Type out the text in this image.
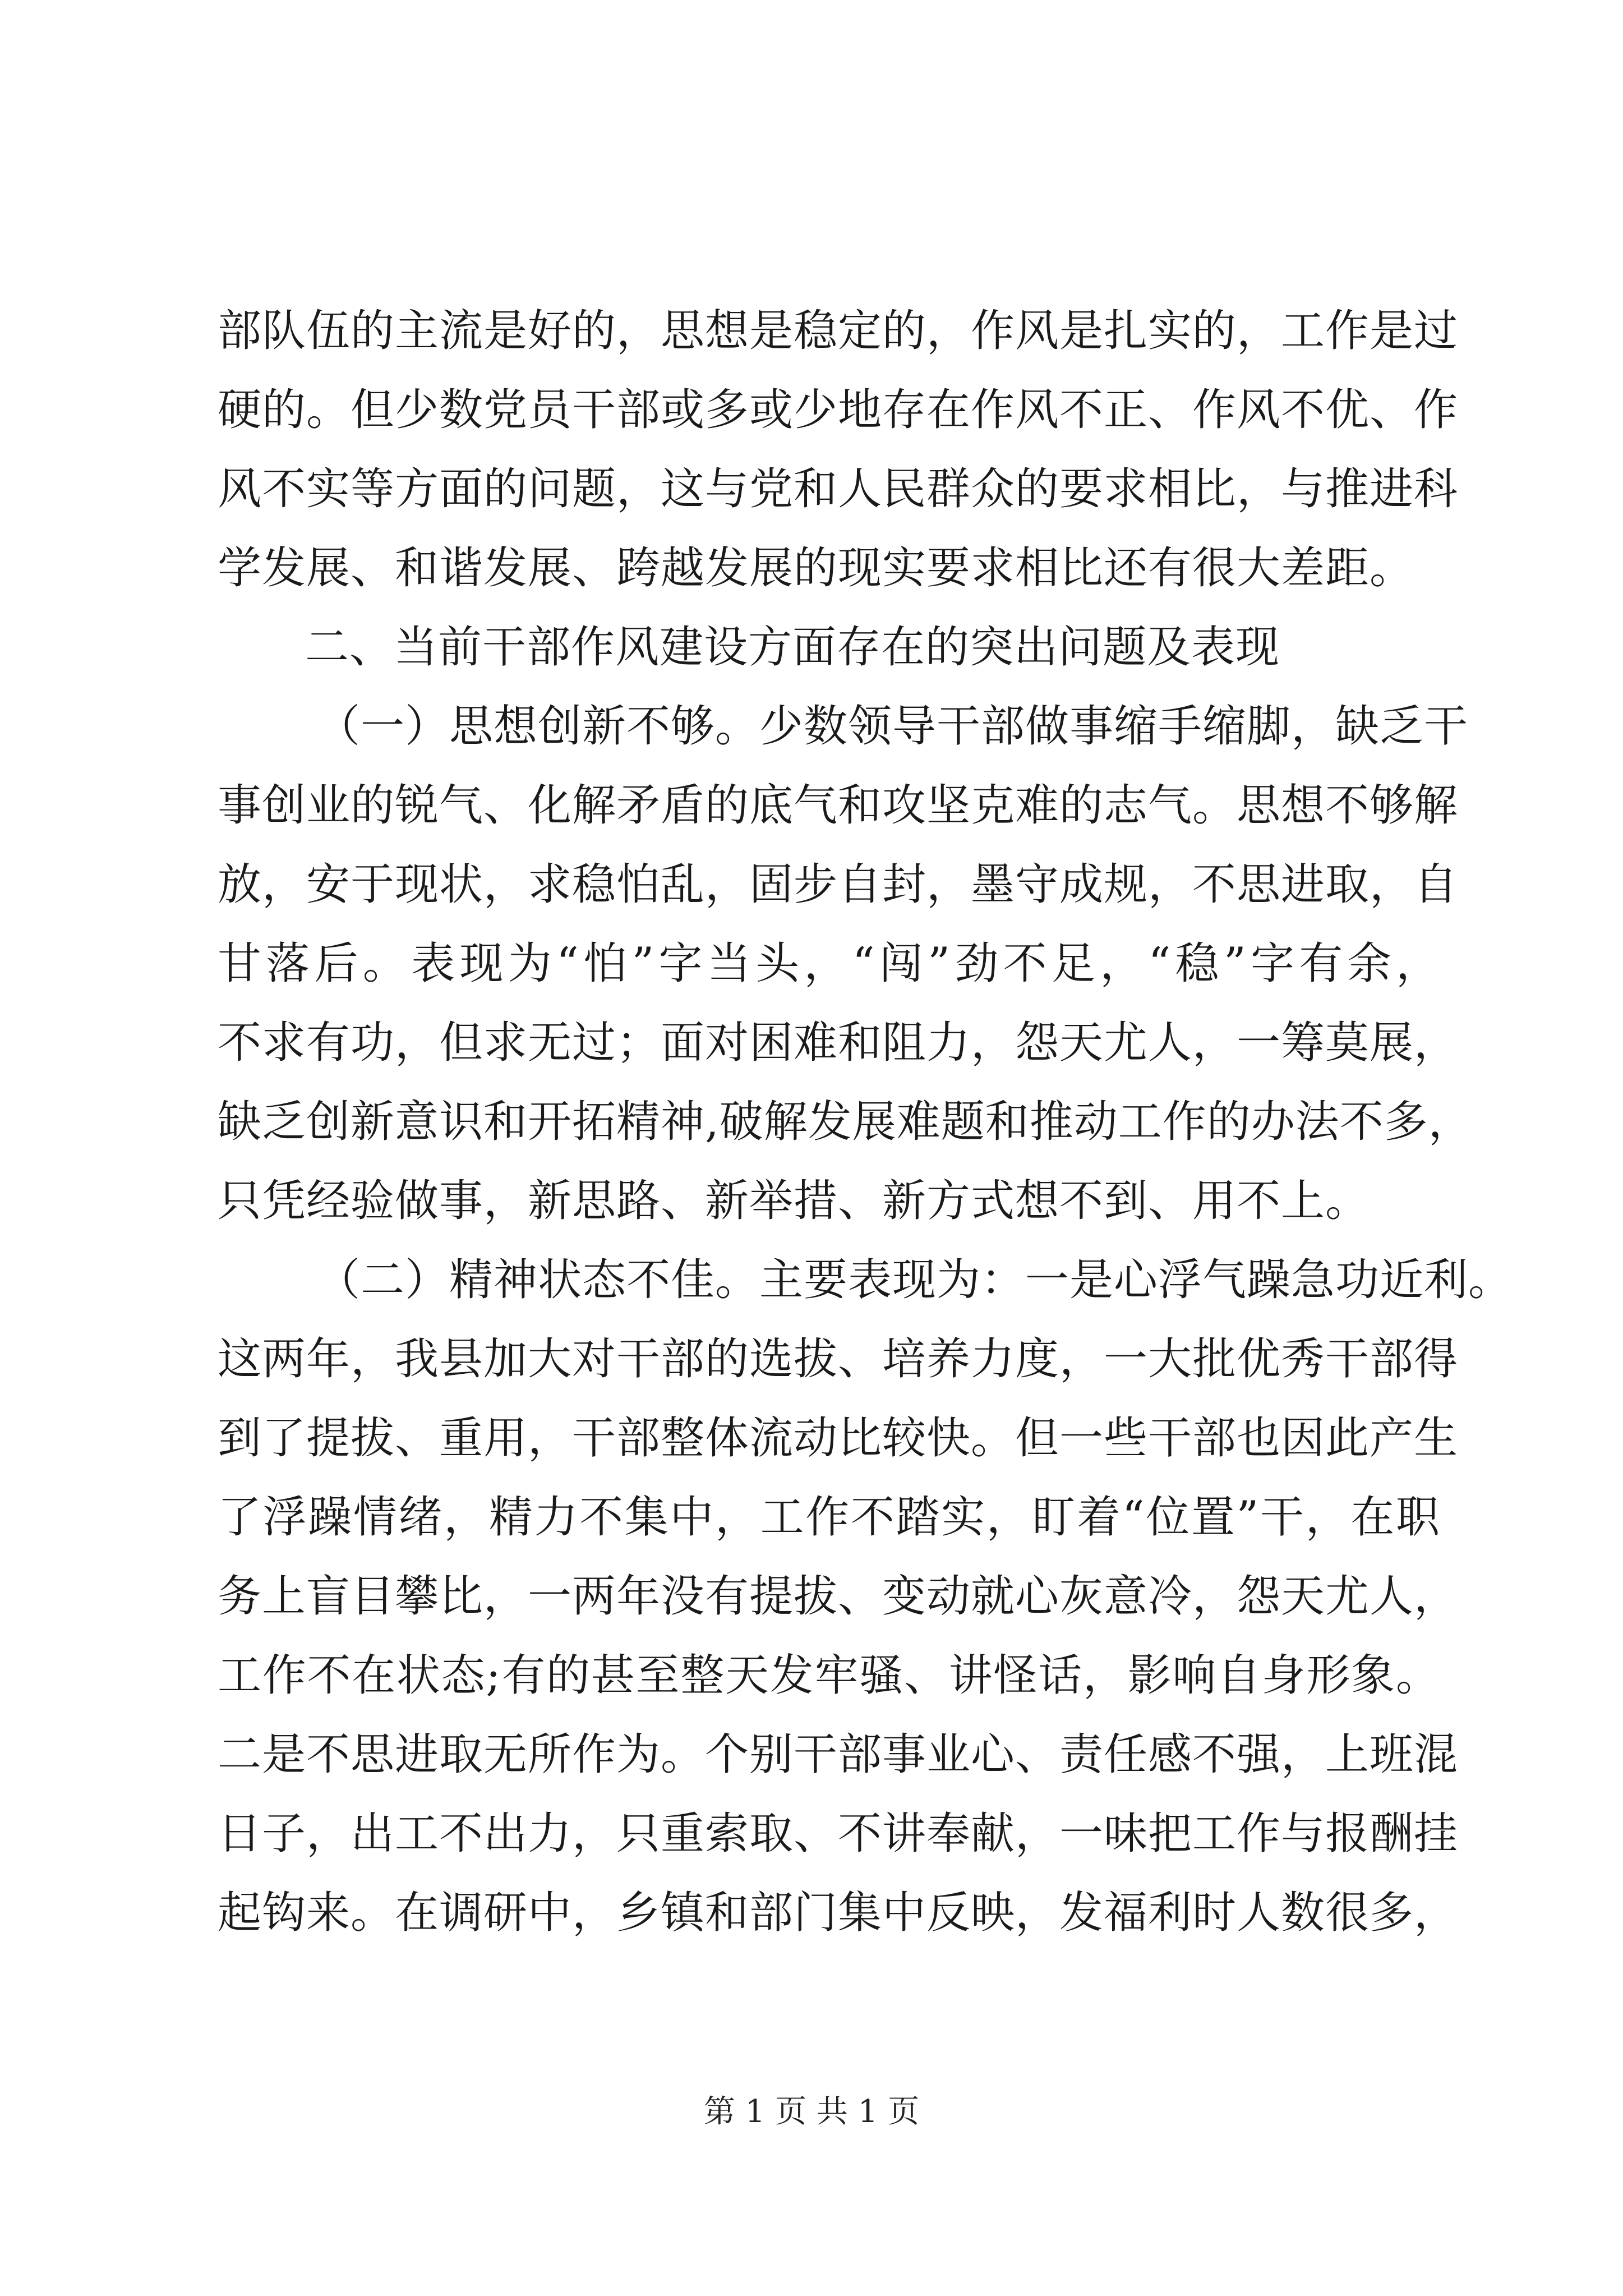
部队伍的主流是好的，思想是稳定的，作风是扎实的，工作是过
硬的。但少数党员干部或多或少地存在作风不正、作风不优、作
风不实等方面的问题，这与党和人民群众的要求相比，与推进科
学发展、和谐发展、跨越发展的现实要求相比还有很大差距。
二、当前干部作风建设方面存在的突出问题及表现
（一）思想创新不够。少数领导干部做事缩手缩脚，缺乏干
事创业的锐气、化解矛盾的底气和攻坚克难的志气。思想不够解
放，安于现状，求稳怕乱，固步自封，墨守成规，不思进取，自
甘落后。表现为“怕”字当头，“闯”劲不足，“稳”字有余，
不求有功，但求无过；面对困难和阻力，怨天尤人，一筹莫展，
缺乏创新意识和开拓精神,破解发展难题和推动工作的办法不多，
只凭经验做事，新思路、新举措、新方式想不到、用不上。
（二）精神状态不佳。主要表现为：一是心浮气躁急功近利。
这两年，我县加大对干部的选拔、培养力度，一大批优秀干部得
到了提拔、重用，干部整体流动比较快。但一些干部也因此产生
了浮躁情绪，精力不集中，工作不踏实，盯着“位置”干，在职
务上盲目攀比，一两年没有提拔、变动就心灰意冷，怨天尤人，
工作不在状态;有的甚至整天发牢骚、讲怪话，影响自身形象。
二是不思进取无所作为。个别干部事业心、责任感不强，上班混
日子，出工不出力，只重索取、不讲奉献，一味把工作与报酬挂
起钩来。在调研中，乡镇和部门集中反映，发福利时人数很多，
第 1 页 共 1 页
